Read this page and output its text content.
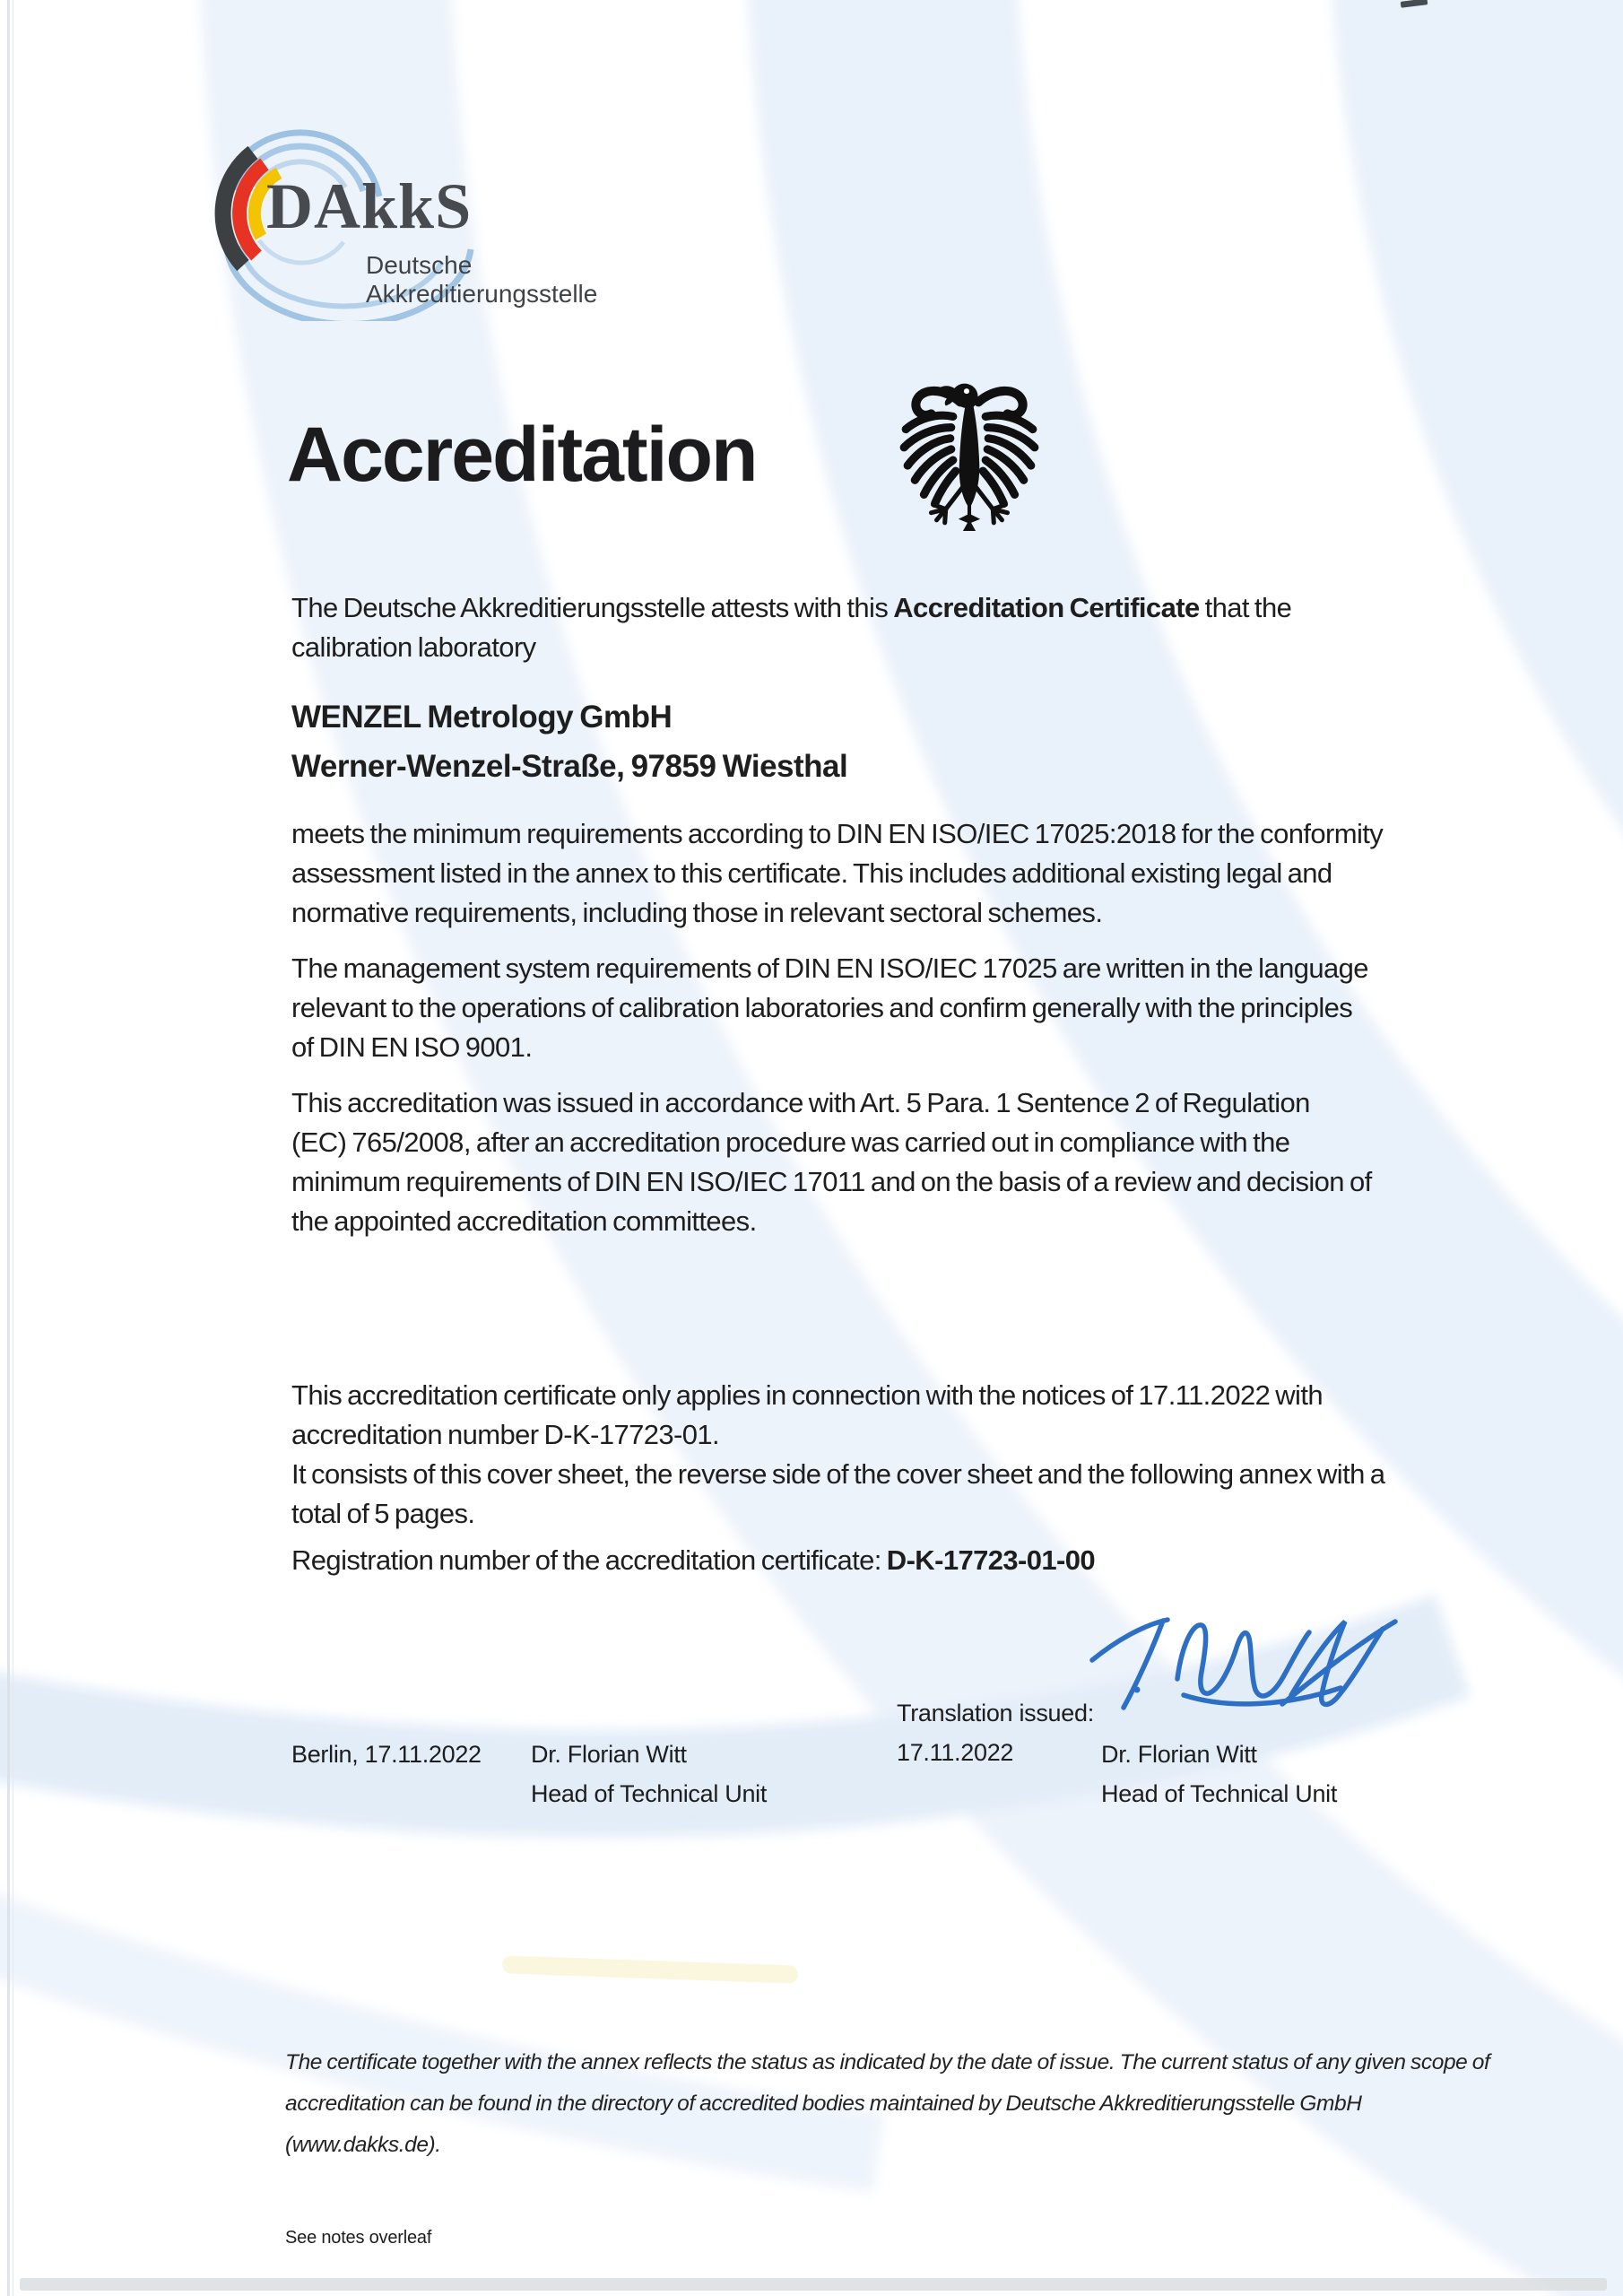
DAkkS
Deutsche
Akkreditierungsstelle
Accreditation
The Deutsche Akkreditierungsstelle attests with this Accreditation Certificate that the
calibration laboratory
WENZEL Metrology GmbH
Werner-Wenzel-Straße, 97859 Wiesthal
meets the minimum requirements according to DIN EN ISO/IEC 17025:2018 for the conformity
assessment listed in the annex to this certificate. This includes additional existing legal and
normative requirements, including those in relevant sectoral schemes.
The management system requirements of DIN EN ISO/IEC 17025 are written in the language
relevant to the operations of calibration laboratories and confirm generally with the principles
of DIN EN ISO 9001.
This accreditation was issued in accordance with Art. 5 Para. 1 Sentence 2 of Regulation
(EC) 765/2008, after an accreditation procedure was carried out in compliance with the
minimum requirements of DIN EN ISO/IEC 17011 and on the basis of a review and decision of
the appointed accreditation committees.
This accreditation certificate only applies in connection with the notices of 17.11.2022 with
accreditation number D-K-17723-01.
It consists of this cover sheet, the reverse side of the cover sheet and the following annex with a
total of 5 pages.
Registration number of the accreditation certificate: D-K-17723-01-00
Berlin, 17.11.2022 Dr. Florian Witt
Head of Technical Unit
Translation issued:
17.11.2022	Dr. Florian Witt
Head of Technical Unit
The certificate together with the annex reflects the status as indicated by the date of issue. The current status of any given scope of
accreditation can be found in the directory of accredited bodies maintained by Deutsche Akkreditierungsstelle GmbH
(www.dakks.de).
See notes overleaf
